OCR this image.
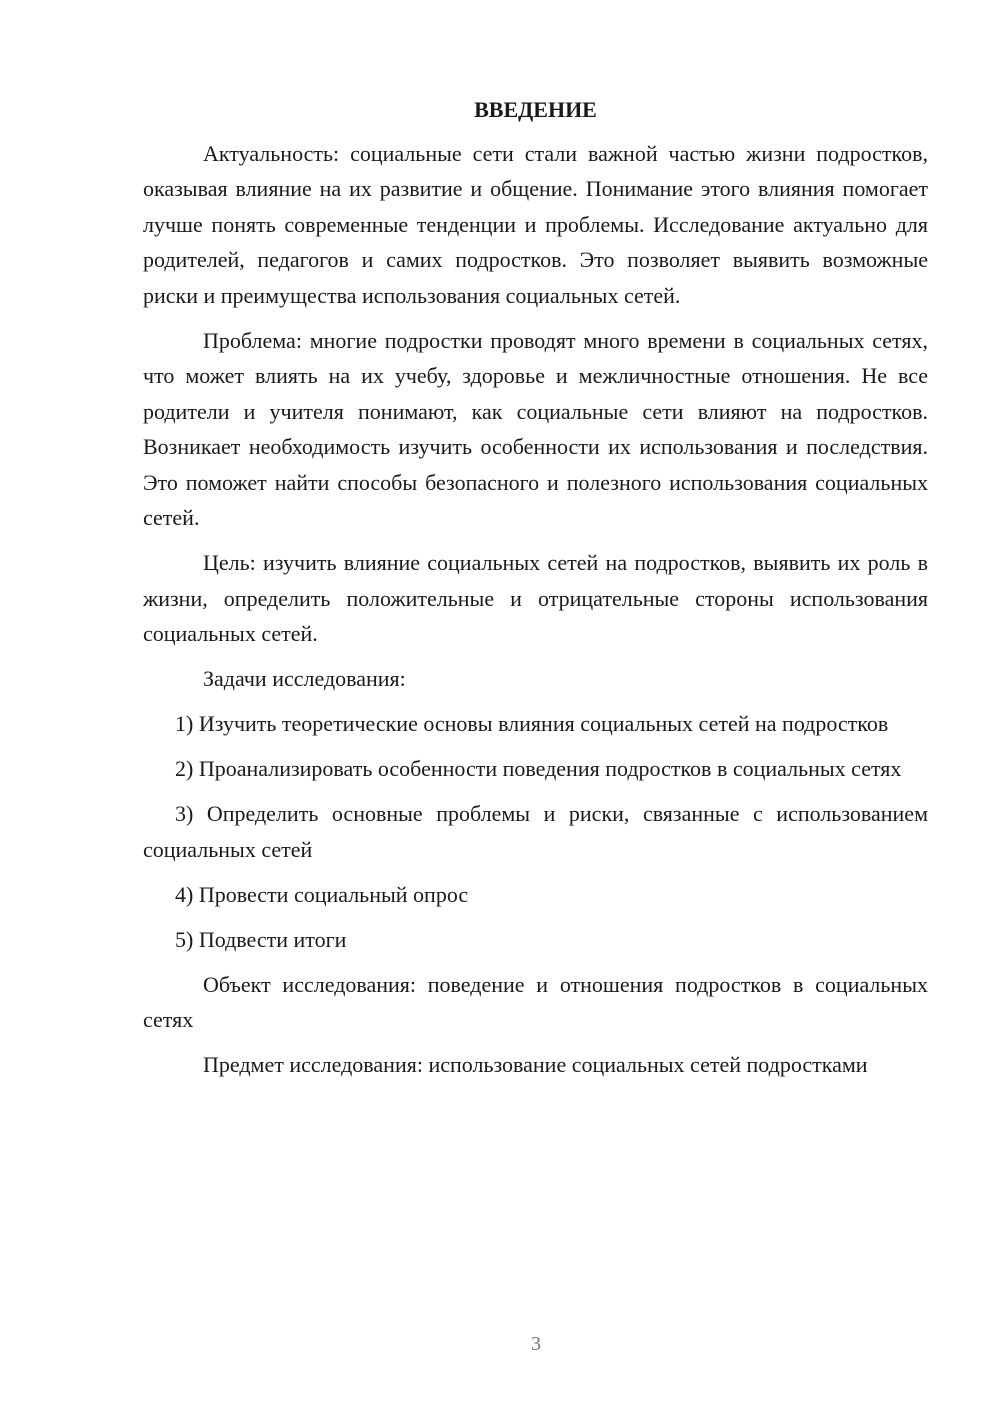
ВВЕДЕНИЕ

Актуальность: социальные сети стали важной частью жизни подростков, оказывая влияние на их развитие и общение. Понимание этого влияния помогает лучше понять современные тенденции и проблемы. Исследование актуально для родителей, педагогов и самих подростков. Это позволяет выявить возможные риски и преимущества использования социальных сетей.

Проблема: многие подростки проводят много времени в социальных сетях, что может влиять на их учебу, здоровье и межличностные отношения. Не все родители и учителя понимают, как социальные сети влияют на подростков. Возникает необходимость изучить особенности их использования и последствия. Это поможет найти способы безопасного и полезного использования социальных сетей.

Цель: изучить влияние социальных сетей на подростков, выявить их роль в жизни, определить положительные и отрицательные стороны использования социальных сетей.

Задачи исследования:

1) Изучить теоретические основы влияния социальных сетей на подростков

2) Проанализировать особенности поведения подростков в социальных сетях

3) Определить основные проблемы и риски, связанные с использованием социальных сетей

4) Провести социальный опрос

5) Подвести итоги

Объект исследования: поведение и отношения подростков в социальных сетях

Предмет исследования: использование социальных сетей подростками

3
